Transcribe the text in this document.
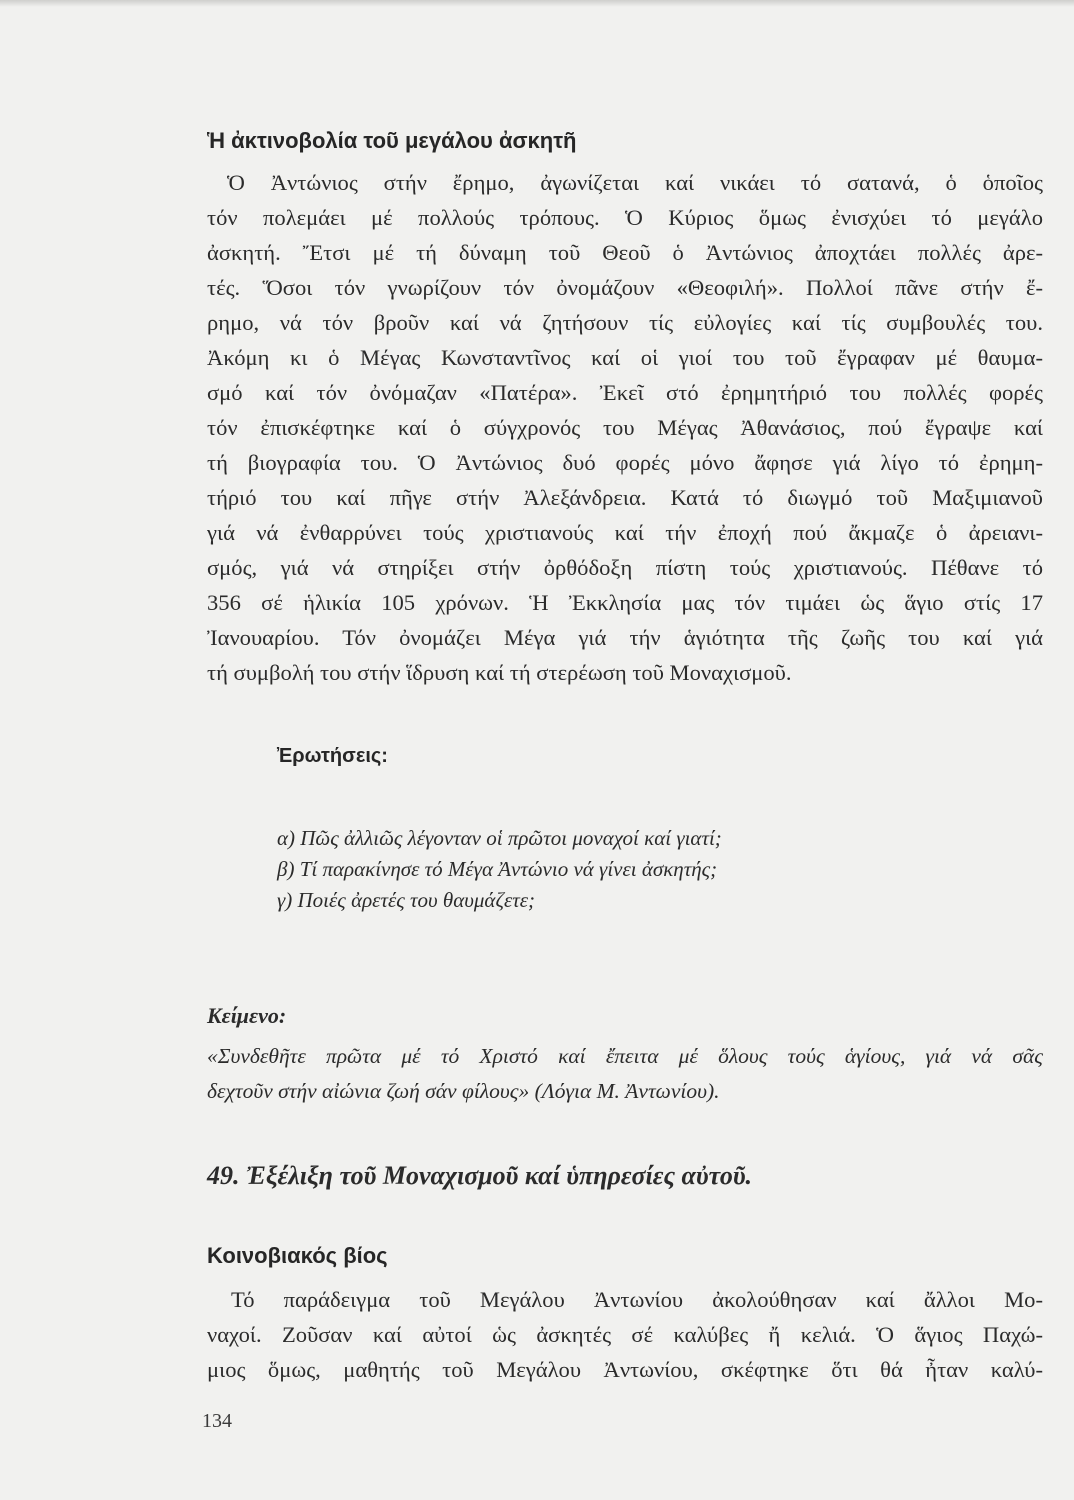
Ἡ ἀκτινοβολία τοῦ μεγάλου ἀσκητῆ

Ὁ Ἀντώνιος στήν ἔρημο, ἀγωνίζεται καί νικάει τό σατανά, ὁ ὁποῖος

τόν πολεμάει μέ πολλούς τρόπους. Ὁ Κύριος ὅμως ἐνισχύει τό μεγάλο

ἀσκητή. Ἔτσι μέ τή δύναμη τοῦ Θεοῦ ὁ Ἀντώνιος ἀποχτάει πολλές ἀρε-

τές. Ὅσοι τόν γνωρίζουν τόν ὀνομάζουν «Θεοφιλή». Πολλοί πᾶνε στήν ἔ-

ρημο, νά τόν βροῦν καί νά ζητήσουν τίς εὐλογίες καί τίς συμβουλές του.

Ἀκόμη κι ὁ Μέγας Κωνσταντῖνος καί οἱ γιοί του τοῦ ἔγραφαν μέ θαυμα-

σμό καί τόν ὀνόμαζαν «Πατέρα». Ἐκεῖ στό ἐρημητήριό του πολλές φορές

τόν ἐπισκέφτηκε καί ὁ σύγχρονός του Μέγας Ἀθανάσιος, πού ἔγραψε καί

τή βιογραφία του. Ὁ Ἀντώνιος δυό φορές μόνο ἄφησε γιά λίγο τό ἐρημη-

τήριό του καί πῆγε στήν Ἀλεξάνδρεια. Κατά τό διωγμό τοῦ Μαξιμιανοῦ

γιά νά ἐνθαρρύνει τούς χριστιανούς καί τήν ἐποχή πού ἄκμαζε ὁ ἀρειανι-

σμός, γιά νά στηρίξει στήν ὀρθόδοξη πίστη τούς χριστιανούς. Πέθανε τό

356 σέ ἡλικία 105 χρόνων. Ἡ Ἐκκλησία μας τόν τιμάει ὡς ἅγιο στίς 17

Ἰανουαρίου. Τόν ὀνομάζει Μέγα γιά τήν ἁγιότητα τῆς ζωῆς του καί γιά

τή συμβολή του στήν ἵδρυση καί τή στερέωση τοῦ Μοναχισμοῦ.

Ἐρωτήσεις:

α) Πῶς ἀλλιῶς λέγονταν οἱ πρῶτοι μοναχοί καί γιατί;

β) Τί παρακίνησε τό Μέγα Ἀντώνιο νά γίνει ἀσκητής;

γ) Ποιές ἀρετές του θαυμάζετε;

Κείμενο:

«Συνδεθῆτε πρῶτα μέ τό Χριστό καί ἔπειτα μέ ὅλους τούς ἁγίους, γιά νά σᾶς

δεχτοῦν στήν αἰώνια ζωή σάν φίλους» (Λόγια Μ. Ἀντωνίου).

49. Ἐξέλιξη τοῦ Μοναχισμοῦ καί ὑπηρεσίες αὐτοῦ.
Κοινοβιακός βίος

Τό παράδειγμα τοῦ Μεγάλου Ἀντωνίου ἀκολούθησαν καί ἄλλοι Μο-

ναχοί. Ζοῦσαν καί αὐτοί ὡς ἀσκητές σέ καλύβες ἤ κελιά. Ὁ ἅγιος Παχώ-

μιος ὅμως, μαθητής τοῦ Μεγάλου Ἀντωνίου, σκέφτηκε ὅτι θά ἦταν καλύ-

134
